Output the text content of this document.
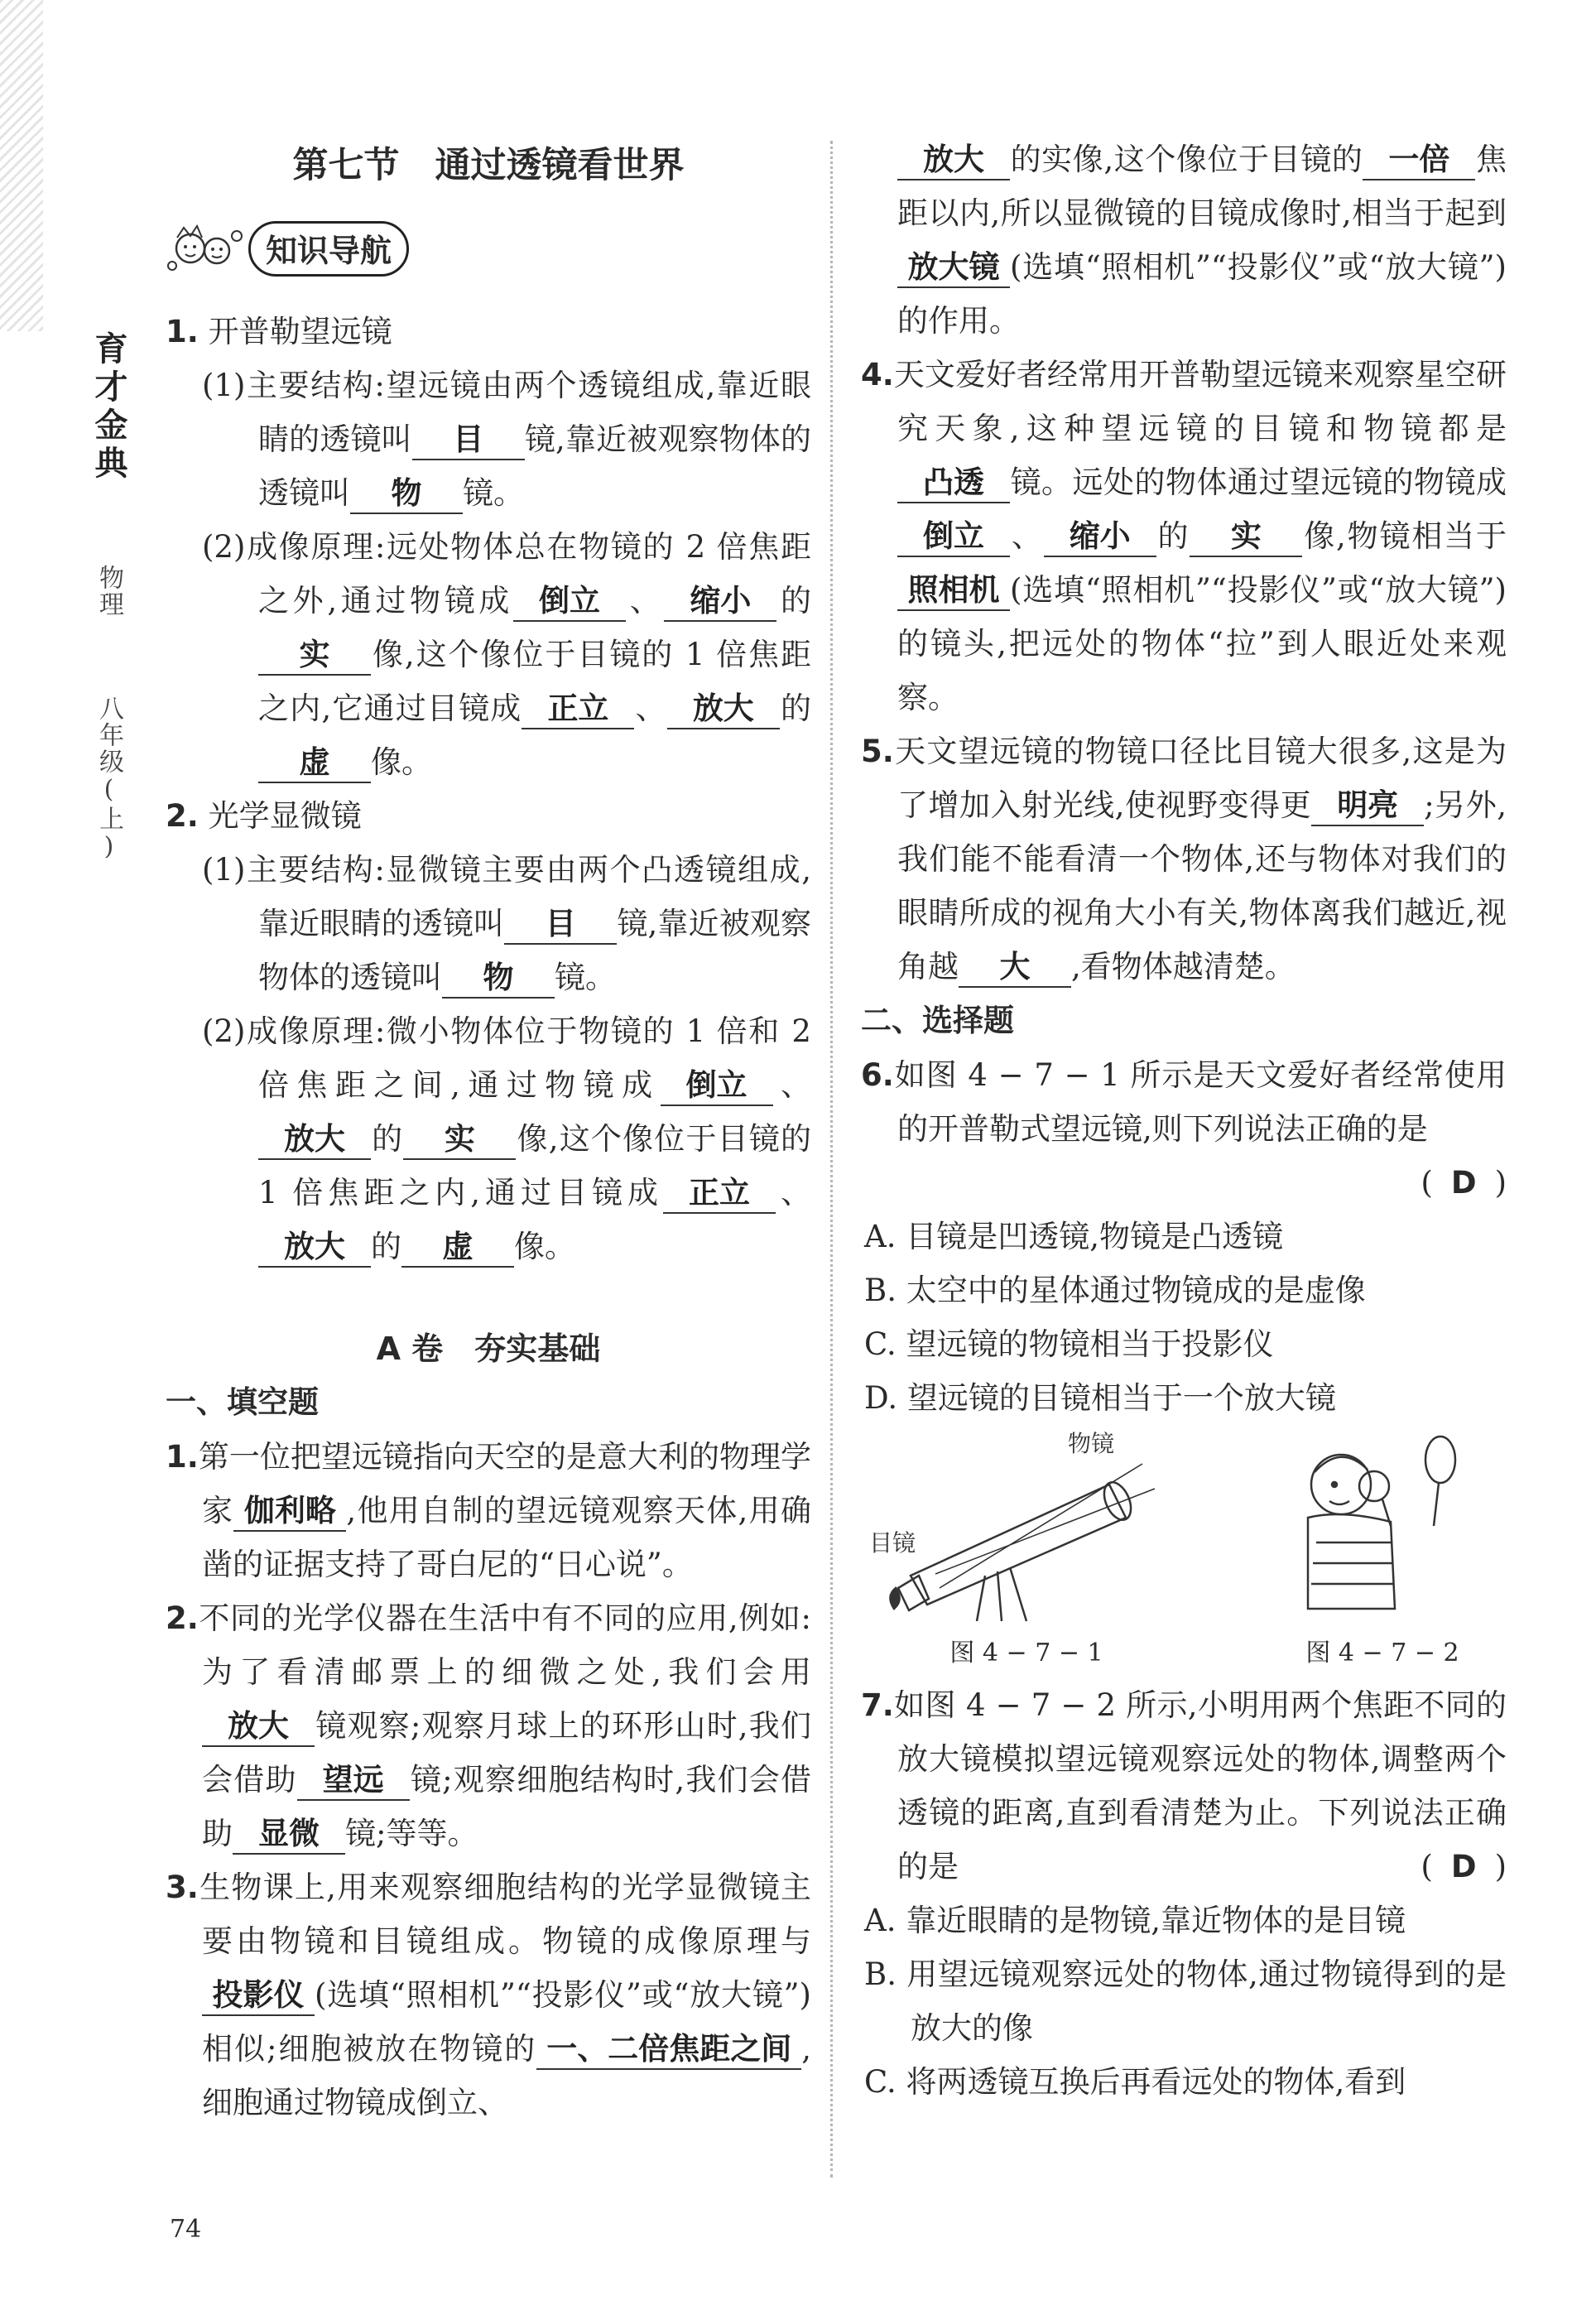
育才金典  物理  八年级(上)
第七节　通过透镜看世界
知识导航

1. 开普勒望远镜

(1)主要结构:望远镜由两个透镜组成,靠近眼睛的透镜叫 目 镜,靠近被观察物体的透镜叫 物 镜。

(2)成像原理:远处物体总在物镜的 2 倍焦距之外,通过物镜成 倒立 、 缩小 的实 像,这个像位于目镜的 1 倍焦距之内,它通过目镜成 正立 、 放大 的虚 像。

2. 光学显微镜

(1)主要结构:显微镜主要由两个凸透镜组成,靠近眼睛的透镜叫 目 镜,靠近被观察物体的透镜叫 物 镜。

(2)成像原理:微小物体位于物镜的 1 倍和 2 倍焦距之间,通过物镜成 倒立 、放大 的 实 像,这个像位于目镜的 1 倍焦距之内,通过目镜成 正立 、放大 的 虚 像。

A 卷　夯实基础
一、填空题

1.第一位把望远镜指向天空的是意大利的物理学家 伽利略 ,他用自制的望远镜观察天体,用确凿的证据支持了哥白尼的“日心说”。

2.不同的光学仪器在生活中有不同的应用,例如:为了看清邮票上的细微之处,我们会用放大 镜观察;观察月球上的环形山时,我们会借助 望远 镜;观察细胞结构时,我们会借助 显微 镜;等等。

3.生物课上,用来观察细胞结构的光学显微镜主要由物镜和目镜组成。物镜的成像原理与投影仪 (选填“照相机”“投影仪”或“放大镜”)相似;细胞被放在物镜的 一、二倍焦距之间 ,细胞通过物镜成倒立、

放大 的实像,这个像位于目镜的 一倍 焦距以内,所以显微镜的目镜成像时,相当于起到放大镜 (选填“照相机”“投影仪”或“放大镜”)的作用。

4.天文爱好者经常用开普勒望远镜来观察星空研究天象,这种望远镜的目镜和物镜都是凸透 镜。远处的物体通过望远镜的物镜成倒立 、 缩小 的 实 像,物镜相当于照相机 (选填“照相机”“投影仪”或“放大镜”)的镜头,把远处的物体“拉”到人眼近处来观察。

5.天文望远镜的物镜口径比目镜大很多,这是为了增加入射光线,使视野变得更 明亮 ;另外,我们能不能看清一个物体,还与物体对我们的眼睛所成的视角大小有关,物体离我们越近,视角越 大 ,看物体越清楚。

二、选择题

6.如图 4 − 7 − 1 所示是天文爱好者经常使用的开普勒式望远镜,则下列说法正确的是

( D )

A. 目镜是凹透镜,物镜是凸透镜

B. 太空中的星体通过物镜成的是虚像

C. 望远镜的物镜相当于投影仪

D. 望远镜的目镜相当于一个放大镜

物镜
目镜
图 4 − 7 − 1	图 4 − 7 − 2

7.如图 4 − 7 − 2 所示,小明用两个焦距不同的放大镜模拟望远镜观察远处的物体,调整两个透镜的距离,直到看清楚为止。下列说法正确的是	( D )

A. 靠近眼睛的是物镜,靠近物体的是目镜

B. 用望远镜观察远处的物体,通过物镜得到的是放大的像

C. 将两透镜互换后再看远处的物体,看到

74
